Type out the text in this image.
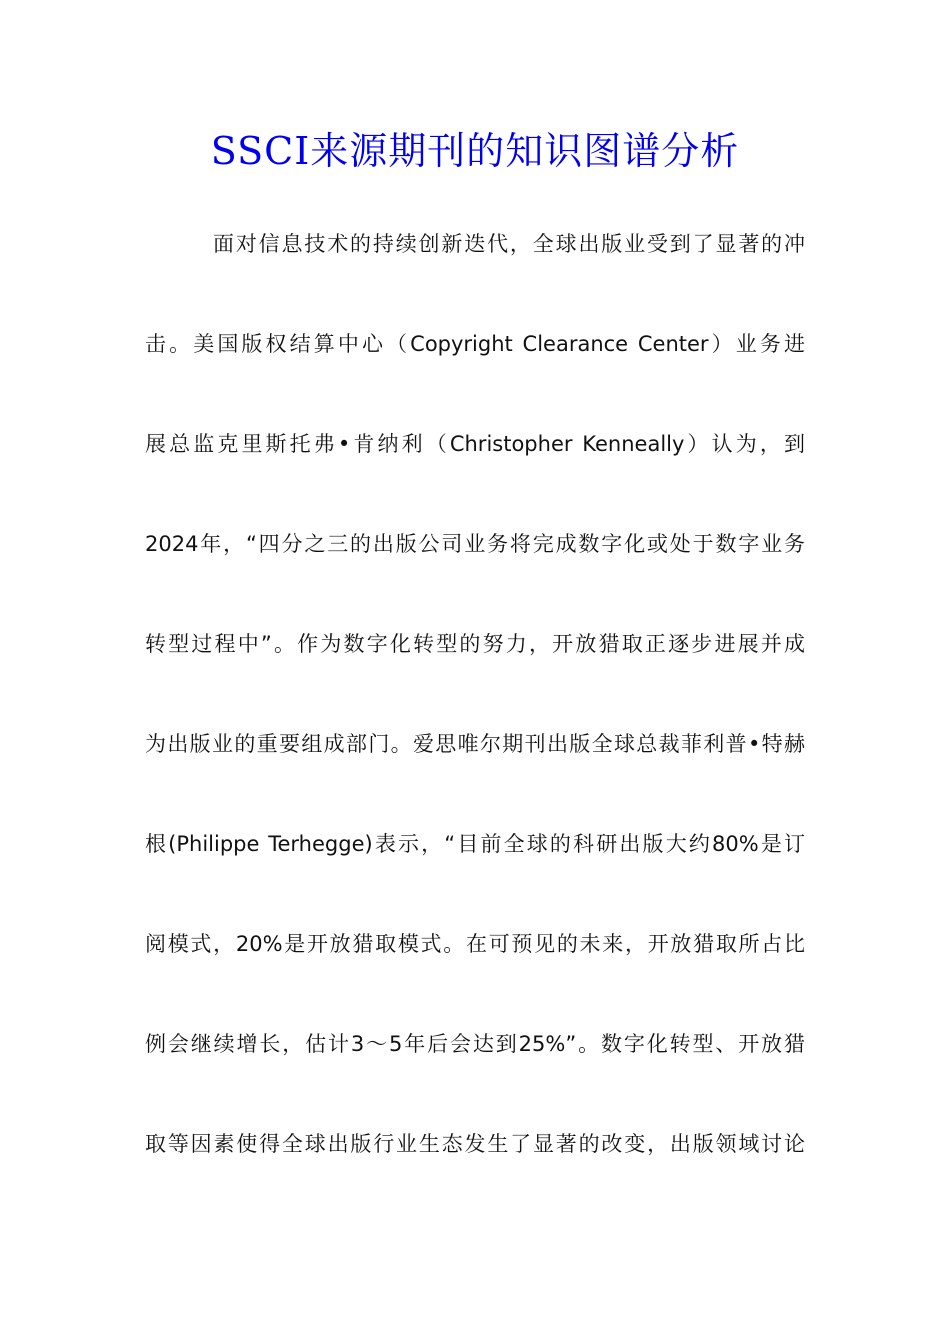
SSCI来源期刊的知识图谱分析
面对信息技术的持续创新迭代，全球出版业受到了显著的冲
击。美国版权结算中心（Copyright Clearance Center）业务进
展总监克里斯托弗•肯纳利（Christopher Kenneally）认为，到
2024年，“四分之三的出版公司业务将完成数字化或处于数字业务
转型过程中”。作为数字化转型的努力，开放猎取正逐步进展并成
为出版业的重要组成部门。爱思唯尔期刊出版全球总裁菲利普•特赫
根(Philippe Terhegge)表示，“目前全球的科研出版大约80%是订
阅模式，20%是开放猎取模式。在可预见的未来，开放猎取所占比
例会继续增长，估计3～5年后会达到25%”。数字化转型、开放猎
取等因素使得全球出版行业生态发生了显著的改变，出版领域讨论
